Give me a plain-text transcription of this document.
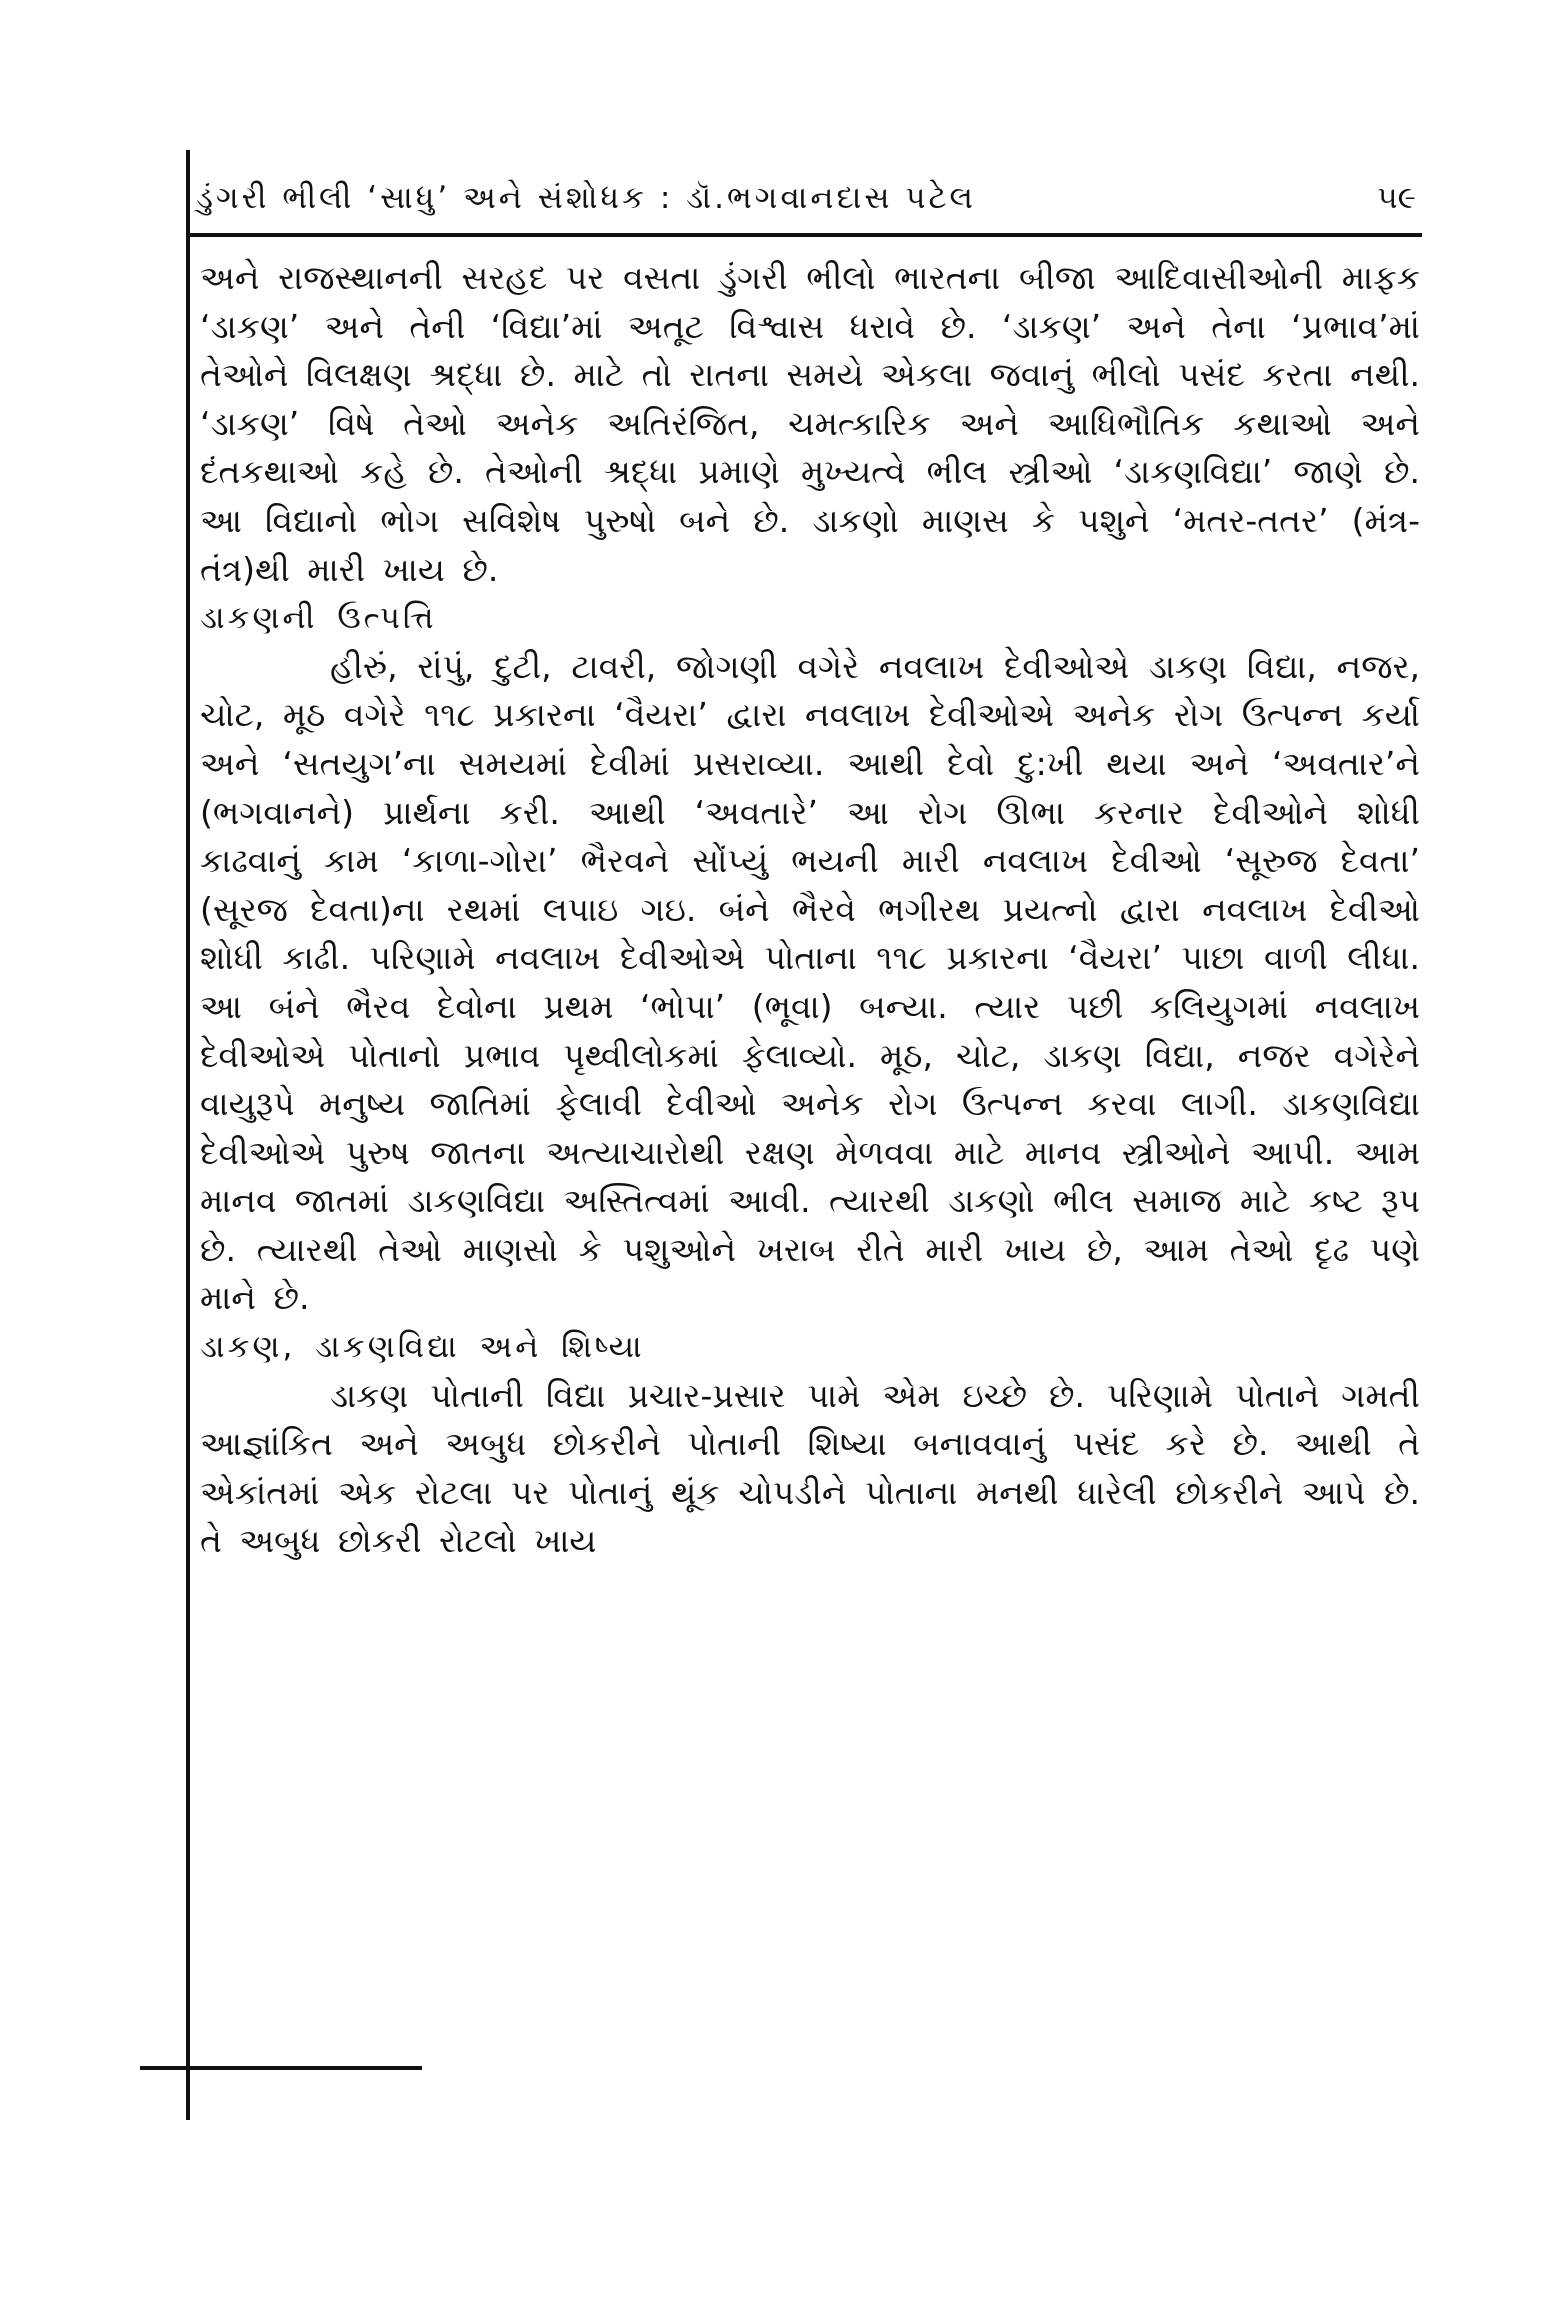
ડુંગરી ભીલી ‘સાધુ’ અને સંશોધક : ડૉ.ભગવાનદાસ પટેલ	૫૯

અને રાજસ્થાનની સરહદ પર વસતા ડુંગરી ભીલો ભારતના બીજા આદિવાસીઓની માફક ‘ડાકણ’ અને તેની ‘વિદ્યા’માં અતૂટ વિશ્વાસ ધરાવે છે. ‘ડાકણ’ અને તેના ‘પ્રભાવ’માં તેઓને વિલક્ષણ શ્રદ્ધા છે. માટે તો રાતના સમયે એકલા જવાનું ભીલો પસંદ કરતા નથી. ‘ડાકણ’ વિષે તેઓ અનેક અતિરંજિત, ચમત્કારિક અને આધિભૌતિક કથાઓ અને દંતકથાઓ કહે છે. તેઓની શ્રદ્ધા પ્રમાણે મુખ્યત્વે ભીલ સ્ત્રીઓ ‘ડાકણવિદ્યા’ જાણે છે. આ વિદ્યાનો ભોગ સવિશેષ પુરુષો બને છે. ડાકણો માણસ કે પશુને ‘મતર-તતર’ (મંત્ર-તંત્ર)થી મારી ખાય છે.

ડાકણની ઉત્પત્તિ

હીરું, રાંપું, દુટી, ટાવરી, જોગણી વગેરે નવલાખ દેવીઓએ ડાકણ વિદ્યા, નજર, ચોટ, મૂઠ વગેરે ૧૧૮ પ્રકારના ‘વૈયરા’ દ્વારા નવલાખ દેવીઓએ અનેક રોગ ઉત્પન્ન કર્યા અને ‘સતયુગ’ના સમયમાં દેવીમાં પ્રસરાવ્યા. આથી દેવો દુ:ખી થયા અને ‘અવતાર’ને (ભગવાનને) પ્રાર્થના કરી. આથી ‘અવતારે’ આ રોગ ઊભા કરનાર દેવીઓને શોધી કાઢવાનું કામ ‘કાળા-ગોરા’ ભૈરવને સોંપ્યું ભયની મારી નવલાખ દેવીઓ ‘સૂરુજ દેવતા’ (સૂરજ દેવતા)ના રથમાં લપાઇ ગઇ. બંને ભૈરવે ભગીરથ પ્રયત્નો દ્વારા નવલાખ દેવીઓ શોધી કાઢી. પરિણામે નવલાખ દેવીઓએ પોતાના ૧૧૮ પ્રકારના ‘વૈયરા’ પાછા વાળી લીધા. આ બંને ભૈરવ દેવોના પ્રથમ ‘ભોપા’ (ભૂવા) બન્યા. ત્યાર પછી કલિયુગમાં નવલાખ દેવીઓએ પોતાનો પ્રભાવ પૃથ્વીલોકમાં ફેલાવ્યો. મૂઠ, ચોટ, ડાકણ વિદ્યા, નજર વગેરેને વાયુરૂપે મનુષ્ય જાતિમાં ફેલાવી દેવીઓ અનેક રોગ ઉત્પન્ન કરવા લાગી. ડાકણવિદ્યા દેવીઓએ પુરુષ જાતના અત્યાચારોથી રક્ષણ મેળવવા માટે માનવ સ્ત્રીઓને આપી. આમ માનવ જાતમાં ડાકણવિદ્યા અસ્તિત્વમાં આવી. ત્યારથી ડાકણો ભીલ સમાજ માટે કષ્ટ રૂપ છે. ત્યારથી તેઓ માણસો કે પશુઓને ખરાબ રીતે મારી ખાય છે, આમ તેઓ દૃઢ પણે માને છે.

ડાકણ, ડાકણવિદ્યા અને શિષ્યા

ડાકણ પોતાની વિદ્યા પ્રચાર-પ્રસાર પામે એમ ઇચ્છે છે. પરિણામે પોતાને ગમતી આજ્ઞાંકિત અને અબુધ છોકરીને પોતાની શિષ્યા બનાવવાનું પસંદ કરે છે. આથી તે એકાંતમાં એક રોટલા પર પોતાનું થૂંક ચોપડીને પોતાના મનથી ધારેલી છોકરીને આપે છે. તે અબુધ છોકરી રોટલો ખાય
